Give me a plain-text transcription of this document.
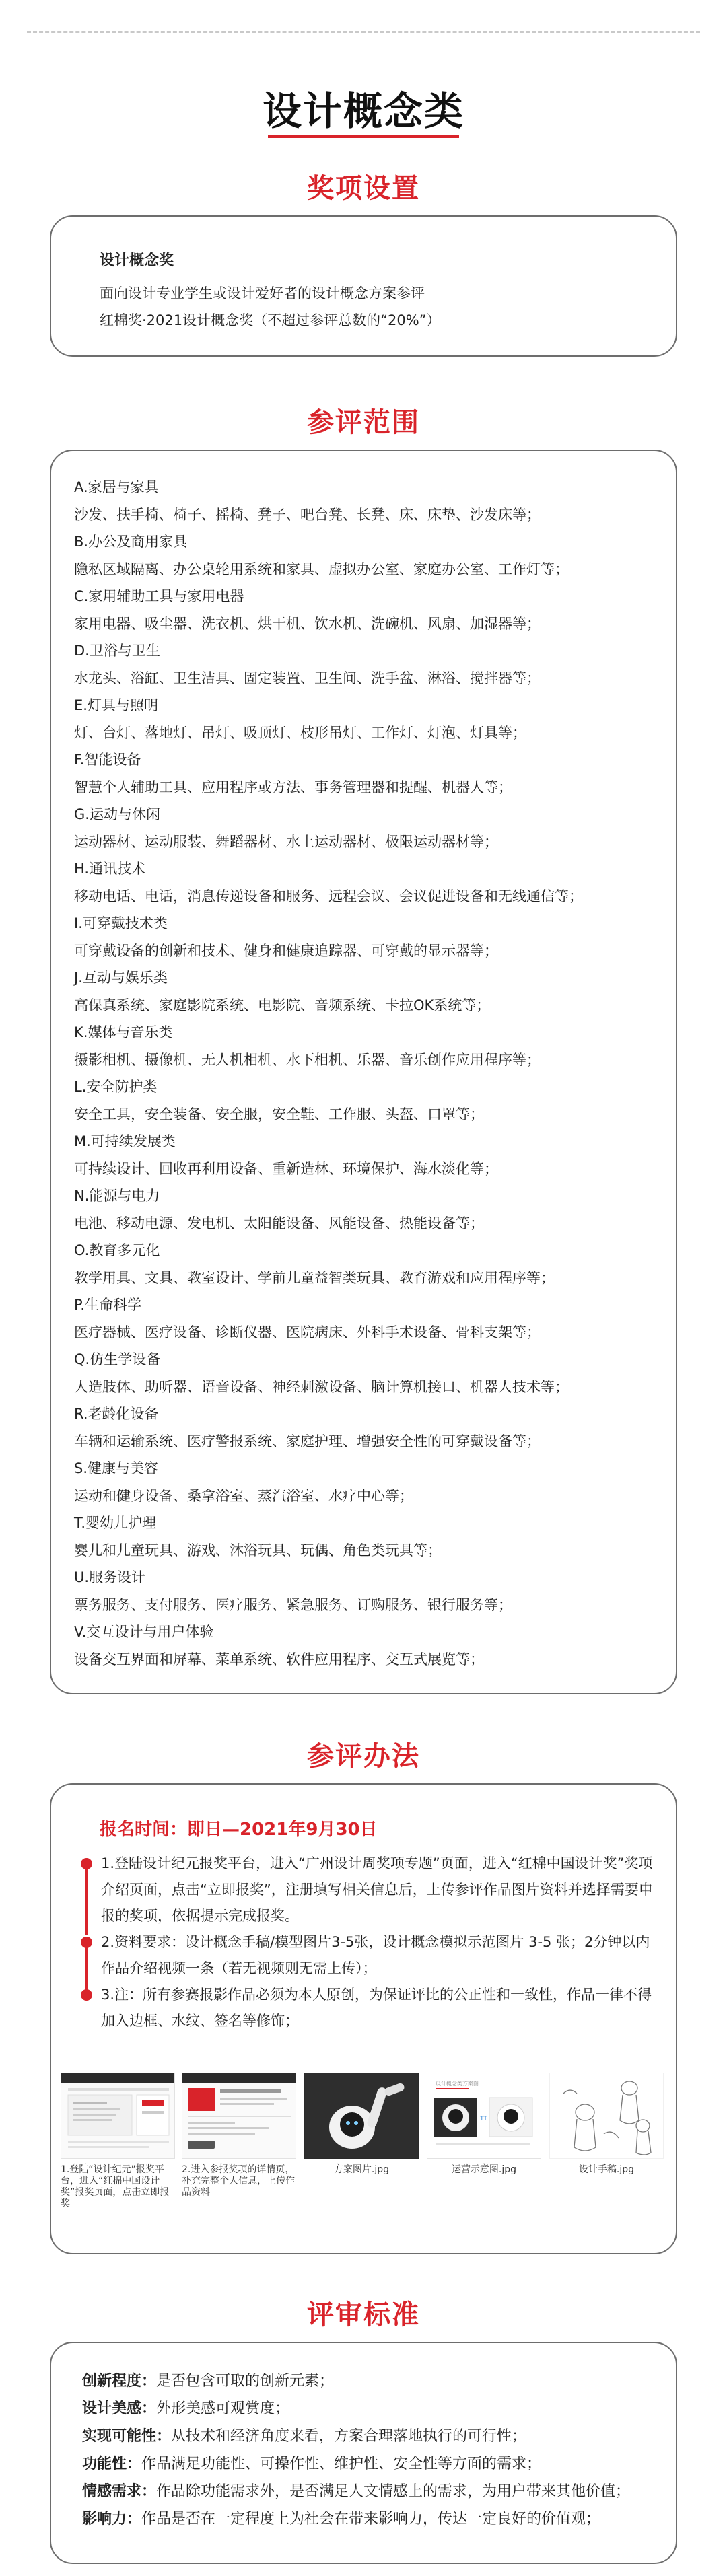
设计概念类
奖项设置
设计概念奖
面向设计专业学生或设计爱好者的设计概念方案参评
红棉奖·2021设计概念奖（不超过参评总数的“20%”）
参评范围
A.家居与家具
沙发、扶手椅、椅子、摇椅、凳子、吧台凳、长凳、床、床垫、沙发床等；
B.办公及商用家具
隐私区域隔离、办公桌轮用系统和家具、虚拟办公室、家庭办公室、工作灯等；
C.家用辅助工具与家用电器
家用电器、吸尘器、洗衣机、烘干机、饮水机、洗碗机、风扇、加湿器等；
D.卫浴与卫生
水龙头、浴缸、卫生洁具、固定装置、卫生间、洗手盆、淋浴、搅拌器等；
E.灯具与照明
灯、台灯、落地灯、吊灯、吸顶灯、枝形吊灯、工作灯、灯泡、灯具等；
F.智能设备
智慧个人辅助工具、应用程序或方法、事务管理器和提醒、机器人等；
G.运动与休闲
运动器材、运动服装、舞蹈器材、水上运动器材、极限运动器材等；
H.通讯技术
移动电话、电话，消息传递设备和服务、远程会议、会议促进设备和无线通信等；
I.可穿戴技术类
可穿戴设备的创新和技术、健身和健康追踪器、可穿戴的显示器等；
J.互动与娱乐类
高保真系统、家庭影院系统、电影院、音频系统、卡拉OK系统等；
K.媒体与音乐类
摄影相机、摄像机、无人机相机、水下相机、乐器、音乐创作应用程序等；
L.安全防护类
安全工具，安全装备、安全服，安全鞋、工作服、头盔、口罩等；
M.可持续发展类
可持续设计、回收再利用设备、重新造林、环境保护、海水淡化等；
N.能源与电力
电池、移动电源、发电机、太阳能设备、风能设备、热能设备等；
O.教育多元化
教学用具、文具、教室设计、学前儿童益智类玩具、教育游戏和应用程序等；
P.生命科学
医疗器械、医疗设备、诊断仪器、医院病床、外科手术设备、骨科支架等；
Q.仿生学设备
人造肢体、助听器、语音设备、神经刺激设备、脑计算机接口、机器人技术等；
R.老龄化设备
车辆和运输系统、医疗警报系统、家庭护理、增强安全性的可穿戴设备等；
S.健康与美容
运动和健身设备、桑拿浴室、蒸汽浴室、水疗中心等；
T.婴幼儿护理
婴儿和儿童玩具、游戏、沐浴玩具、玩偶、角色类玩具等；
U.服务设计
票务服务、支付服务、医疗服务、紧急服务、订购服务、银行服务等；
V.交互设计与用户体验
设备交互界面和屏幕、菜单系统、软件应用程序、交互式展览等；
参评办法
报名时间：即日—2021年9月30日
1.登陆设计纪元报奖平台，进入“广州设计周奖项专题”页面，进入“红棉中国设计奖”奖项介绍页面，点击“立即报奖”，注册填写相关信息后，上传参评作品图片资料并选择需要申报的奖项，依据提示完成报奖。
2.资料要求：设计概念手稿/模型图片3-5张，设计概念模拟示范图片 3-5 张；2分钟以内作品介绍视频一条（若无视频则无需上传）；
3.注：所有参赛报影作品必须为本人原创，为保证评比的公正性和一致性，作品一律不得加入边框、水纹、签名等修饰；
1.登陆“设计纪元”报奖平台，进入“红棉中国设计奖”报奖页面，点击立即报奖
2.进入参报奖项的详情页，补充完整个人信息，上传作品资料
方案图片.jpg
设计概念类方案图
TT
运营示意图.jpg	设计手稿.jpg
评审标准
创新程度：是否包含可取的创新元素；
设计美感：外形美感可观赏度；
实现可能性：从技术和经济角度来看，方案合理落地执行的可行性；
功能性：作品满足功能性、可操作性、维护性、安全性等方面的需求；
情感需求：作品除功能需求外，是否满足人文情感上的需求，为用户带来其他价值；
影响力：作品是否在一定程度上为社会在带来影响力，传达一定良好的价值观；
